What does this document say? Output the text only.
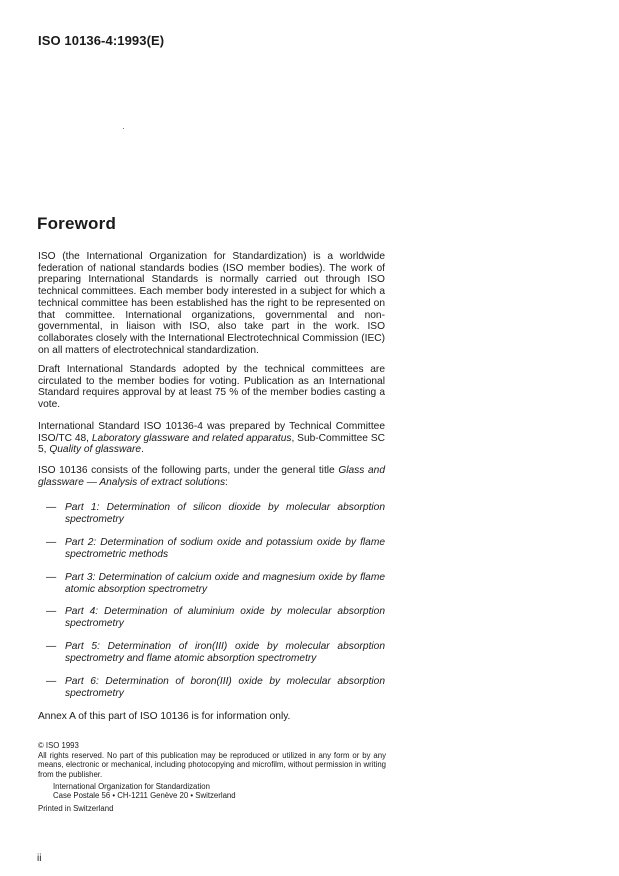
ISO 10136-4:1993(E)
Foreword

ISO (the International Organization for Standardization) is a worldwide federation of national standards bodies (ISO member bodies). The work of preparing International Standards is normally carried out through ISO technical committees. Each member body interested in a subject for which a technical committee has been established has the right to be represented on that committee. International organizations, governmental and non-governmental, in liaison with ISO, also take part in the work. ISO collaborates closely with the International Electrotechnical Commission (IEC) on all matters of electrotechnical standardization.

Draft International Standards adopted by the technical committees are circulated to the member bodies for voting. Publication as an International Standard requires approval by at least 75 % of the member bodies casting a vote.

International Standard ISO 10136-4 was prepared by Technical Committee ISO/TC 48, Laboratory glassware and related apparatus, Sub-Committee SC 5, Quality of glassware.

ISO 10136 consists of the following parts, under the general title Glass and glassware — Analysis of extract solutions:

— Part 1: Determination of silicon dioxide by molecular absorption spectrometry
— Part 2: Determination of sodium oxide and potassium oxide by flame spectrometric methods
— Part 3: Determination of calcium oxide and magnesium oxide by flame atomic absorption spectrometry
— Part 4: Determination of aluminium oxide by molecular absorption spectrometry
— Part 5: Determination of iron(III) oxide by molecular absorption spectrometry and flame atomic absorption spectrometry
— Part 6: Determination of boron(III) oxide by molecular absorption spectrometry
Annex A of this part of ISO 10136 is for information only.

© ISO 1993

All rights reserved. No part of this publication may be reproduced or utilized in any form or by any means, electronic or mechanical, including photocopying and microfilm, without permission in writing from the publisher.

International Organization for Standardization
Case Postale 56 • CH-1211 Genève 20 • Switzerland

Printed in Switzerland

ii
